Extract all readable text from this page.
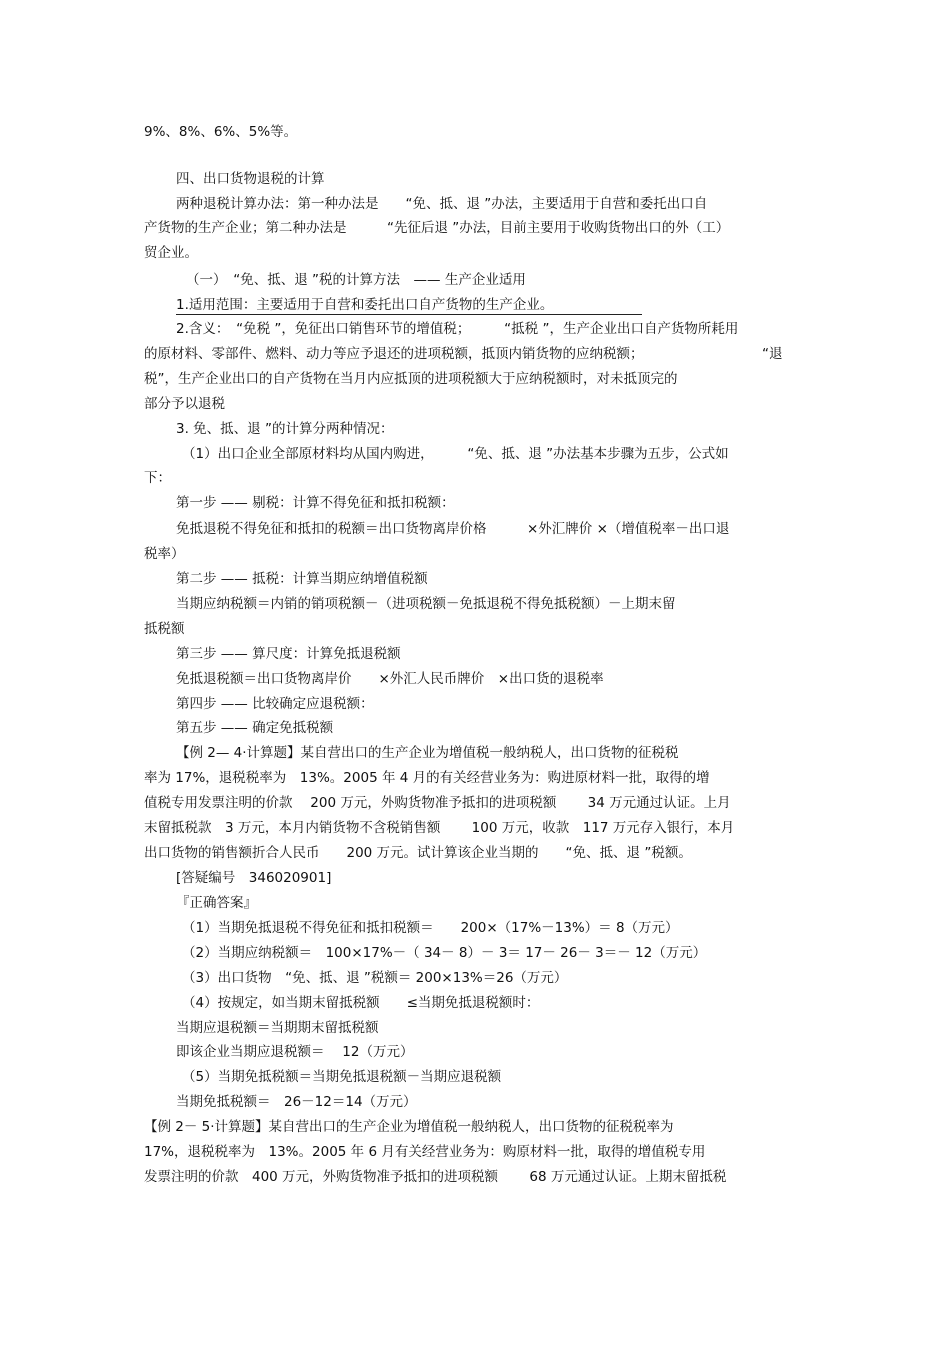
9%、8%、6%、5%等。
四、出口货物退税的计算
两种退税计算办法：第一种办法是　　“免、抵、退 ”办法，主要适用于自营和委托出口自
产货物的生产企业；第二种办法是　　　“先征后退 ”办法，目前主要用于收购货物出口的外（工）
贸企业。
（一）　“免、抵、退 ”税的计算方法　—— 生产企业适用
1.适用范围：主要适用于自营和委托出口自产货物的生产企业。
2.含义：　“免税 ”，免征出口销售环节的增值税；　　　“抵税 ”，生产企业出口自产货物所耗用
的原材料、零部件、燃料、动力等应予退还的进项税额，抵顶内销货物的应纳税额；	“退
税”，生产企业出口的自产货物在当月内应抵顶的进项税额大于应纳税额时，对未抵顶完的
部分予以退税
3. 免、抵、退 ”的计算分两种情况：
（1）出口企业全部原材料均从国内购进，　　　“免、抵、退 ”办法基本步骤为五步，公式如
下：
第一步 —— 剔税：计算不得免征和抵扣税额：
免抵退税不得免征和抵扣的税额＝出口货物离岸价格　　　×外汇牌价 ×（增值税率－出口退
税率）
第二步 —— 抵税：计算当期应纳增值税额
当期应纳税额＝内销的销项税额－（进项税额－免抵退税不得免抵税额）－上期末留
抵税额
第三步 —— 算尺度：计算免抵退税额
免抵退税额＝出口货物离岸价　　×外汇人民币牌价　×出口货的退税率
第四步 —— 比较确定应退税额：
第五步 —— 确定免抵税额
【例 2— 4·计算题】某自营出口的生产企业为增值税一般纳税人，出口货物的征税税
率为 17%，退税税率为　13%。2005 年 4 月的有关经营业务为：购进原材料一批，取得的增
值税专用发票注明的价款　 200 万元，外购货物准予抵扣的进项税额　　 34 万元通过认证。上月
末留抵税款　3 万元，本月内销货物不含税销售额　　 100 万元，收款　117 万元存入银行，本月
出口货物的销售额折合人民币　　200 万元。试计算该企业当期的　　“免、抵、退 ”税额。
[答疑编号　346020901]
『正确答案』
（1）当期免抵退税不得免征和抵扣税额＝　　200×（17%－13%）＝ 8（万元）
（2）当期应纳税额＝　100×17%－（ 34－ 8）－ 3＝ 17－ 26－ 3＝－ 12（万元）
（3）出口货物　“免、抵、退 ”税额＝ 200×13%＝26（万元）
（4）按规定，如当期末留抵税额　　≤当期免抵退税额时：
当期应退税额＝当期期末留抵税额
即该企业当期应退税额＝　 12（万元）
（5）当期免抵税额＝当期免抵退税额－当期应退税额
当期免抵税额＝　26－12＝14（万元）
【例 2－ 5·计算题】某自营出口的生产企业为增值税一般纳税人，出口货物的征税税率为
17%，退税税率为　13%。2005 年 6 月有关经营业务为：购原材料一批，取得的增值税专用
发票注明的价款　400 万元，外购货物准予抵扣的进项税额　　 68 万元通过认证。上期末留抵税
